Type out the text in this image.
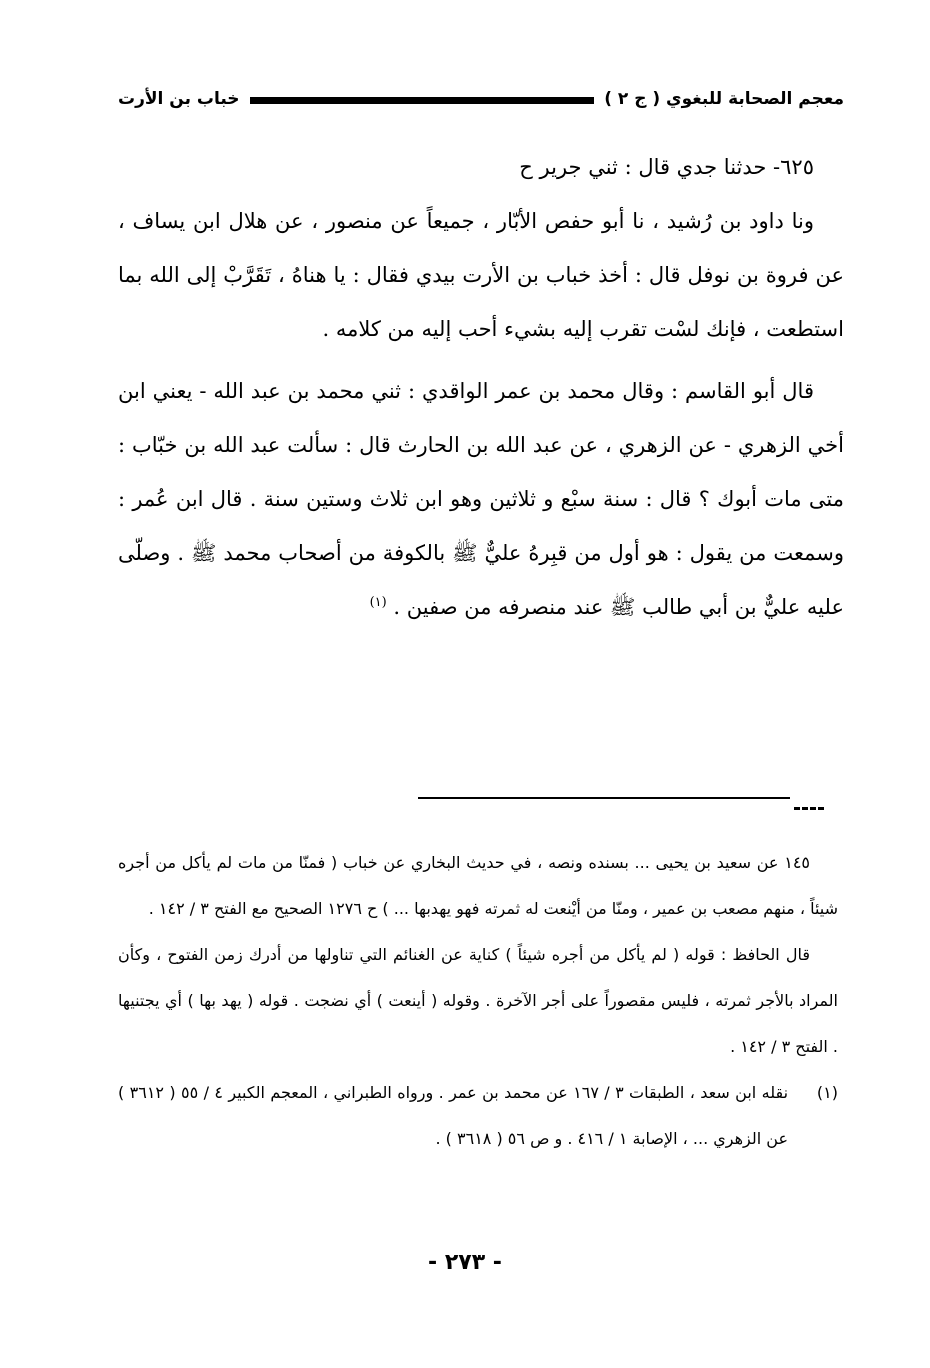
معجم الصحابة للبغوي ( ج ٢ )
خباب بن الأرت

٦٢٥- حدثنا جدي قال : ثني جرير ح

ونا داود بن رُشيد ، نا أبو حفص الأبّار ، جميعاً عن منصور ، عن هلال ابن يساف ، عن فروة بن نوفل قال : أخذ خباب بن الأرت بيدي فقال : يا هناهُ ، تَقَرَّبْ إلى الله بما استطعت ، فإنك لسْت تقرب إليه بشيء أحب إليه من كلامه .

قال أبو القاسم : وقال محمد بن عمر الواقدي : ثني محمد بن عبد الله - يعني ابن أخي الزهري - عن الزهري ، عن عبد الله بن الحارث قال : سألت عبد الله بن خبّاب : متى مات أبوك ؟ قال : سنة سبْع و ثلاثين وهو ابن ثلاث وستين سنة . قال ابن عُمر : وسمعت من يقول : هو أول من قبِرهُ عليٌّ ﷺ بالكوفة من أصحاب محمد ﷺ . وصلّى عليه عليٌّ بن أبي طالب ﷺ عند منصرفه من صفين . $^{(١)}$

١٤٥ عن سعيد بن يحيى ... بسنده ونصه ، في حديث البخاري عن خباب ( فمنّا من مات لم يأكل من أجره شيئاً ، منهم مصعب بن عمير ، ومنّا من أيْنعت له ثمرته فهو يهدبها ... ) ح ١٢٧٦ الصحيح مع الفتح ٣ / ١٤٢ .

قال الحافظ : قوله ( لم يأكل من أجره شيئاً ) كناية عن الغنائم التي تناولها من أدرك زمن الفتوح ، وكأن المراد بالأجر ثمرته ، فليس مقصوراً على أجر الآخرة . وقوله ( أينعت ) أي نضجت . قوله ( يهد بها ) أي يجتنيها . الفتح ٣ / ١٤٢ .

(١)
نقله ابن سعد ، الطبقات ٣ / ١٦٧ عن محمد بن عمر . ورواه الطبراني ، المعجم الكبير ٤ / ٥٥ ( ٣٦١٢ ) عن الزهري ... ، الإصابة ١ / ٤١٦ . و ص ٥٦ ( ٣٦١٨ ) .
- ٢٧٣ -
